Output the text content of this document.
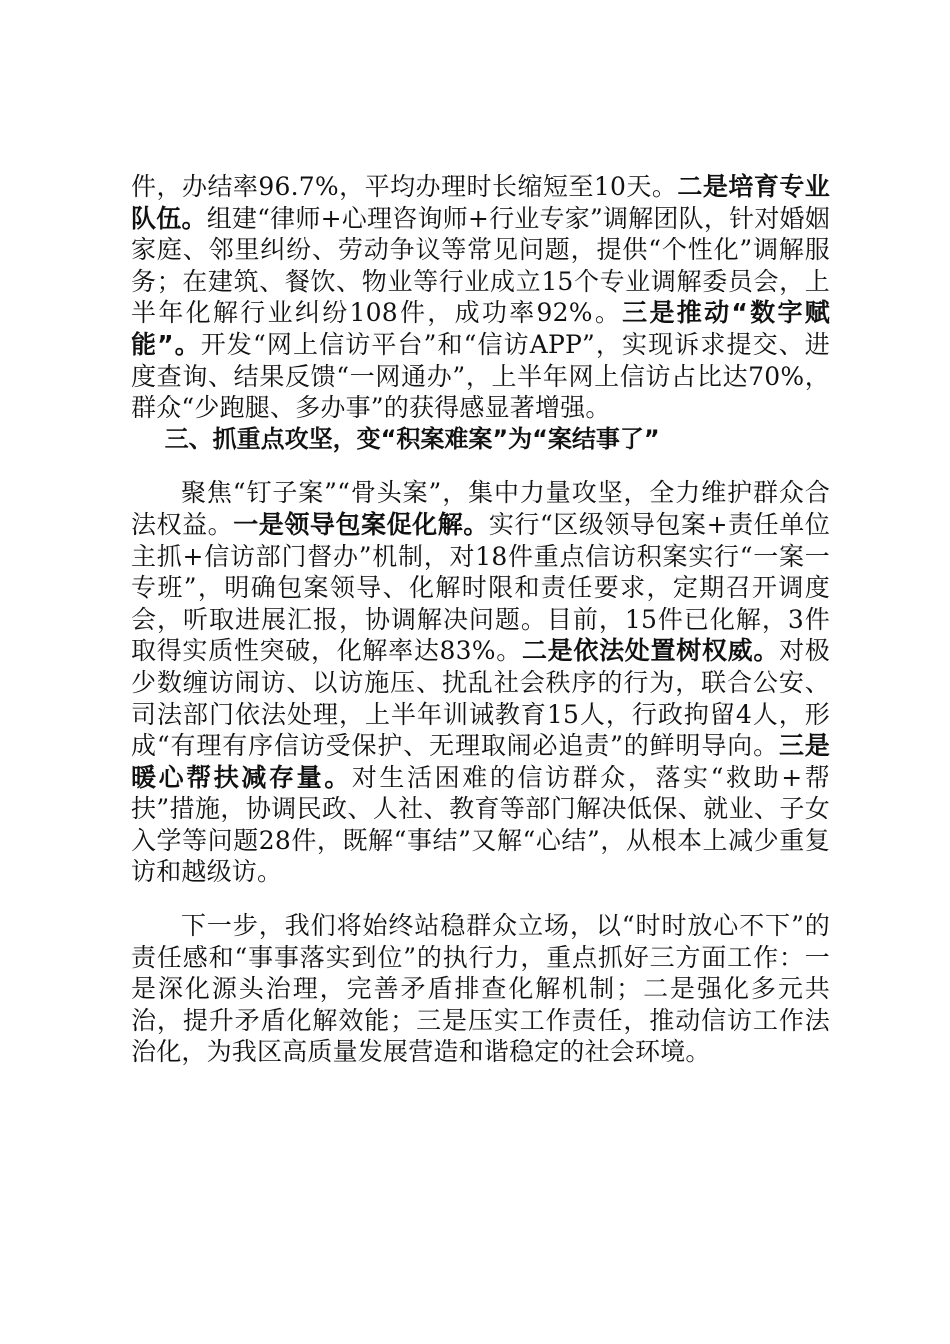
件，办结率96.7%，平均办理时长缩短至10天。二是培育专业队伍。组建“律师+心理咨询师+行业专家”调解团队，针对婚姻家庭、邻里纠纷、劳动争议等常见问题，提供“个性化”调解服务；在建筑、餐饮、物业等行业成立15个专业调解委员会，上半年化解行业纠纷108件，成功率92%。三是推动“数字赋能”。开发“网上信访平台”和“信访APP”，实现诉求提交、进度查询、结果反馈“一网通办”，上半年网上信访占比达70%，群众“少跑腿、多办事”的获得感显著增强。

三、抓重点攻坚，变“积案难案”为“案结事了”

聚焦“钉子案”“骨头案”，集中力量攻坚，全力维护群众合法权益。一是领导包案促化解。实行“区级领导包案+责任单位主抓+信访部门督办”机制，对18件重点信访积案实行“一案一专班”，明确包案领导、化解时限和责任要求，定期召开调度会，听取进展汇报，协调解决问题。目前，15件已化解，3件取得实质性突破，化解率达83%。二是依法处置树权威。对极少数缠访闹访、以访施压、扰乱社会秩序的行为，联合公安、司法部门依法处理，上半年训诫教育15人，行政拘留4人，形成“有理有序信访受保护、无理取闹必追责”的鲜明导向。三是暖心帮扶减存量。对生活困难的信访群众，落实“救助+帮扶”措施，协调民政、人社、教育等部门解决低保、就业、子女入学等问题28件，既解“事结”又解“心结”，从根本上减少重复访和越级访。

下一步，我们将始终站稳群众立场，以“时时放心不下”的责任感和“事事落实到位”的执行力，重点抓好三方面工作：一是深化源头治理，完善矛盾排查化解机制；二是强化多元共治，提升矛盾化解效能；三是压实工作责任，推动信访工作法治化，为我区高质量发展营造和谐稳定的社会环境。
